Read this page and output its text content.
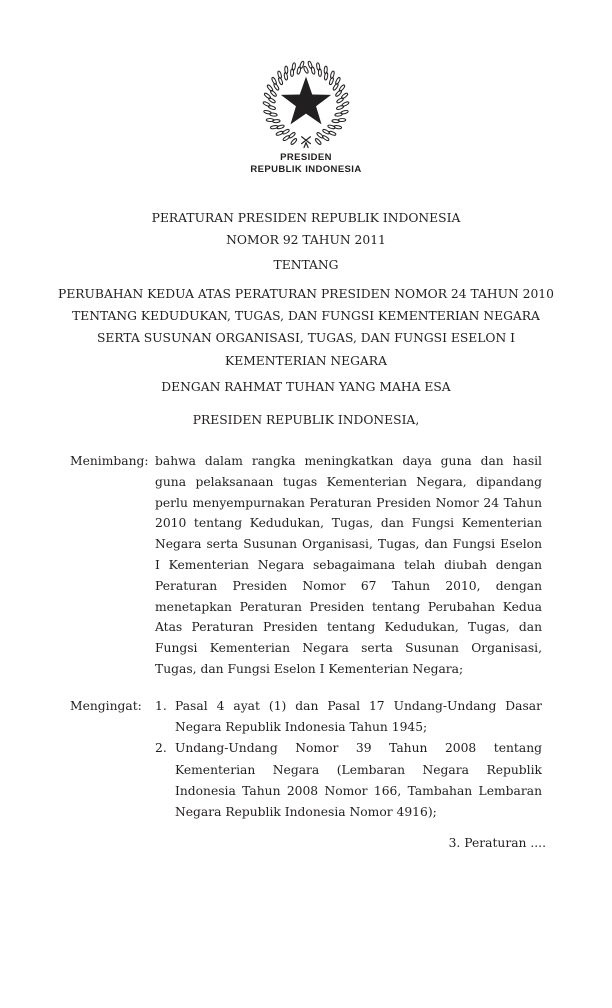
PRESIDEN
REPUBLIK INDONESIA
PERATURAN PRESIDEN REPUBLIK INDONESIA
NOMOR 92 TAHUN 2011
TENTANG
PERUBAHAN KEDUA ATAS PERATURAN PRESIDEN NOMOR 24 TAHUN 2010
TENTANG KEDUDUKAN, TUGAS, DAN FUNGSI KEMENTERIAN NEGARA
SERTA SUSUNAN ORGANISASI, TUGAS, DAN FUNGSI ESELON I
KEMENTERIAN NEGARA
DENGAN RAHMAT TUHAN YANG MAHA ESA
PRESIDEN REPUBLIK INDONESIA,
Menimbang: bahwa dalam rangka meningkatkan daya guna dan hasil guna pelaksanaan tugas Kementerian Negara, dipandang perlu menyempurnakan Peraturan Presiden Nomor 24 Tahun 2010 tentang Kedudukan, Tugas, dan Fungsi Kementerian Negara serta Susunan Organisasi, Tugas, dan Fungsi Eselon I Kementerian Negara sebagaimana telah diubah dengan Peraturan Presiden Nomor 67 Tahun 2010, dengan menetapkan Peraturan Presiden tentang Perubahan Kedua Atas Peraturan Presiden tentang Kedudukan, Tugas, dan Fungsi Kementerian Negara serta Susunan Organisasi, Tugas, dan Fungsi Eselon I Kementerian Negara;
Mengingat:	1. Pasal 4 ayat (1) dan Pasal 17 Undang-Undang Dasar Negara Republik Indonesia Tahun 1945;
2. Undang-Undang Nomor 39 Tahun 2008 tentang Kementerian Negara (Lembaran Negara Republik Indonesia Tahun 2008 Nomor 166, Tambahan Lembaran Negara Republik Indonesia Nomor 4916);
3. Peraturan ....
